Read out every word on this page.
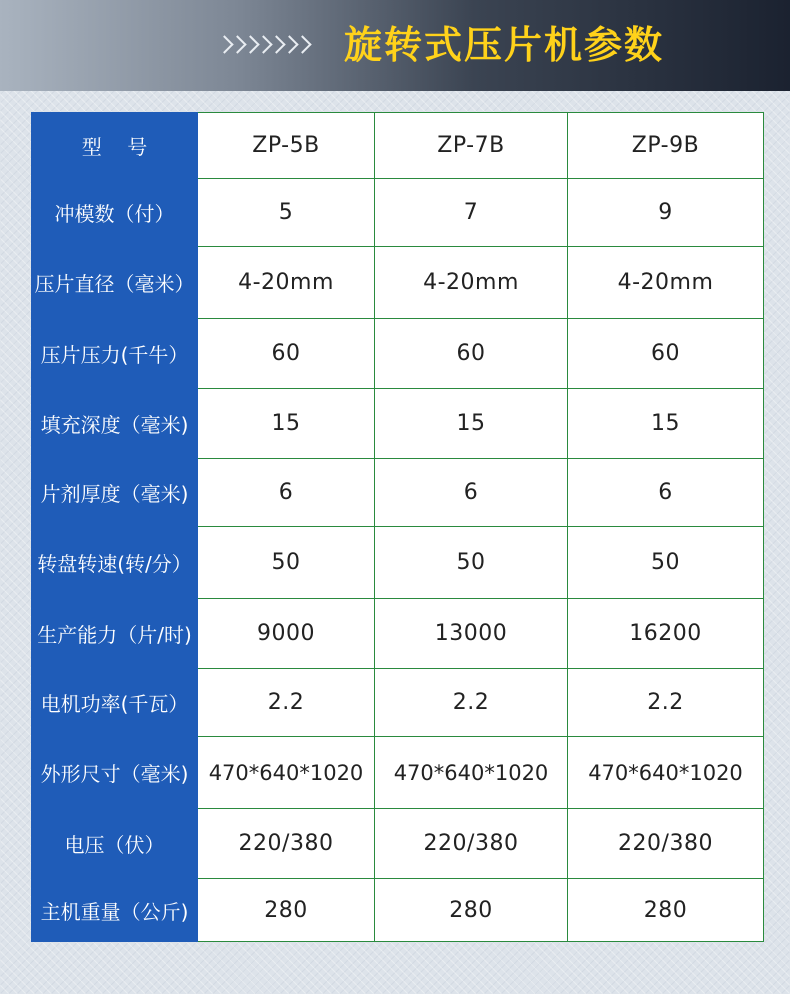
旋转式压片机参数
型    号	ZP-5B	ZP-7B	ZP-9B
冲模数（付）	5	7	9
压片直径（毫米）	4-20mm	4-20mm	4-20mm
压片压力(千牛）	60	60	60
填充深度（毫米)	15	15	15
片剂厚度（毫米)	6	6	6
转盘转速(转/分）	50	50	50
生产能力（片/时)	9000	13000	16200
电机功率(千瓦）	2.2	2.2	2.2
外形尺寸（毫米)	470*640*1020	470*640*1020	470*640*1020
电压（伏）	220/380	220/380	220/380
主机重量（公斤)	280	280	280
